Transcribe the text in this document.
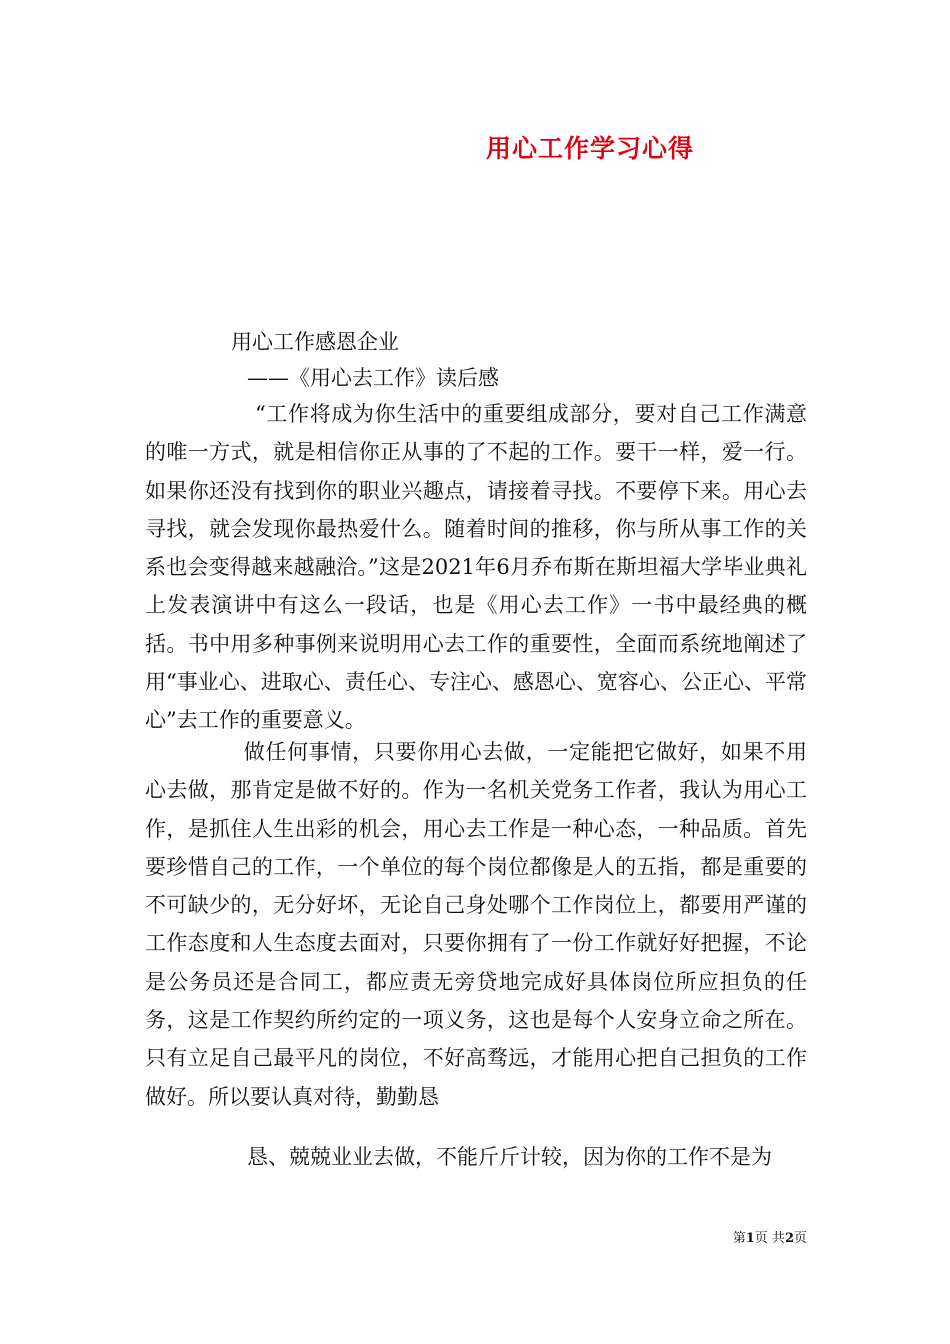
用心工作学习心得
用心工作感恩企业
——《用心去工作》读后感
“工作将成为你生活中的重要组成部分，要对自己工作满意的唯一方式，就是相信你正从事的了不起的工作。要干一样，爱一行。如果你还没有找到你的职业兴趣点，请接着寻找。不要停下来。用心去寻找，就会发现你最热爱什么。随着时间的推移，你与所从事工作的关系也会变得越来越融洽。”这是2021年6月乔布斯在斯坦福大学毕业典礼上发表演讲中有这么一段话，也是《用心去工作》一书中最经典的概括。书中用多种事例来说明用心去工作的重要性，全面而系统地阐述了用“事业心、进取心、责任心、专注心、感恩心、宽容心、公正心、平常心”去工作的重要意义。
做任何事情，只要你用心去做，一定能把它做好，如果不用心去做，那肯定是做不好的。作为一名机关党务工作者，我认为用心工作，是抓住人生出彩的机会，用心去工作是一种心态，一种品质。首先要珍惜自己的工作，一个单位的每个岗位都像是人的五指，都是重要的不可缺少的，无分好坏，无论自己身处哪个工作岗位上，都要用严谨的工作态度和人生态度去面对，只要你拥有了一份工作就好好把握，不论是公务员还是合同工，都应责无旁贷地完成好具体岗位所应担负的任务，这是工作契约所约定的一项义务，这也是每个人安身立命之所在。只有立足自己最平凡的岗位，不好高骛远，才能用心把自己担负的工作做好。所以要认真对待，勤勤恳
恳、兢兢业业去做，不能斤斤计较，因为你的工作不是为
第1页 共2页
